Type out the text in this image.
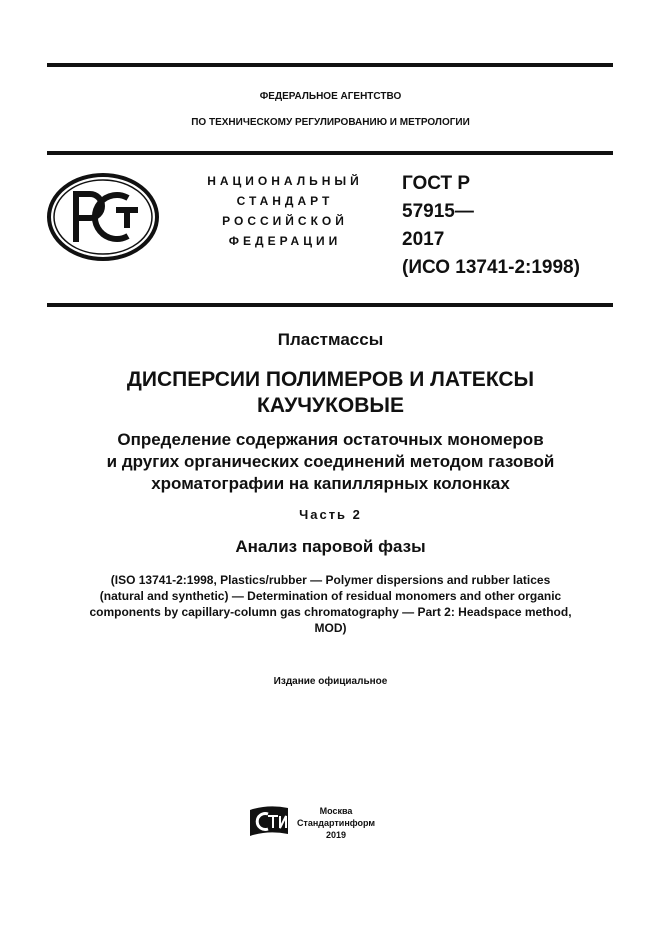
ФЕДЕРАЛЬНОЕ АГЕНТСТВО
ПО ТЕХНИЧЕСКОМУ РЕГУЛИРОВАНИЮ И МЕТРОЛОГИИ
НАЦИОНАЛЬНЫЙ
СТАНДАРТ
РОССИЙСКОЙ
ФЕДЕРАЦИИ
ГОСТ Р
57915—
2017
(ИСО 13741-2:1998)
Пластмассы
ДИСПЕРСИИ ПОЛИМЕРОВ И ЛАТЕКСЫ
КАУЧУКОВЫЕ
Определение содержания остаточных мономеров
и других органических соединений методом газовой
хроматографии на капиллярных колонках
Часть 2
Анализ паровой фазы
(ISO 13741-2:1998, Plastics/rubber — Polymer dispersions and rubber latices
(natural and synthetic) — Determination of residual monomers and other organic
components by capillary-column gas chromatography — Part 2: Headspace method,
MOD)
Издание официальное
Москва
Стандартинформ
2019
